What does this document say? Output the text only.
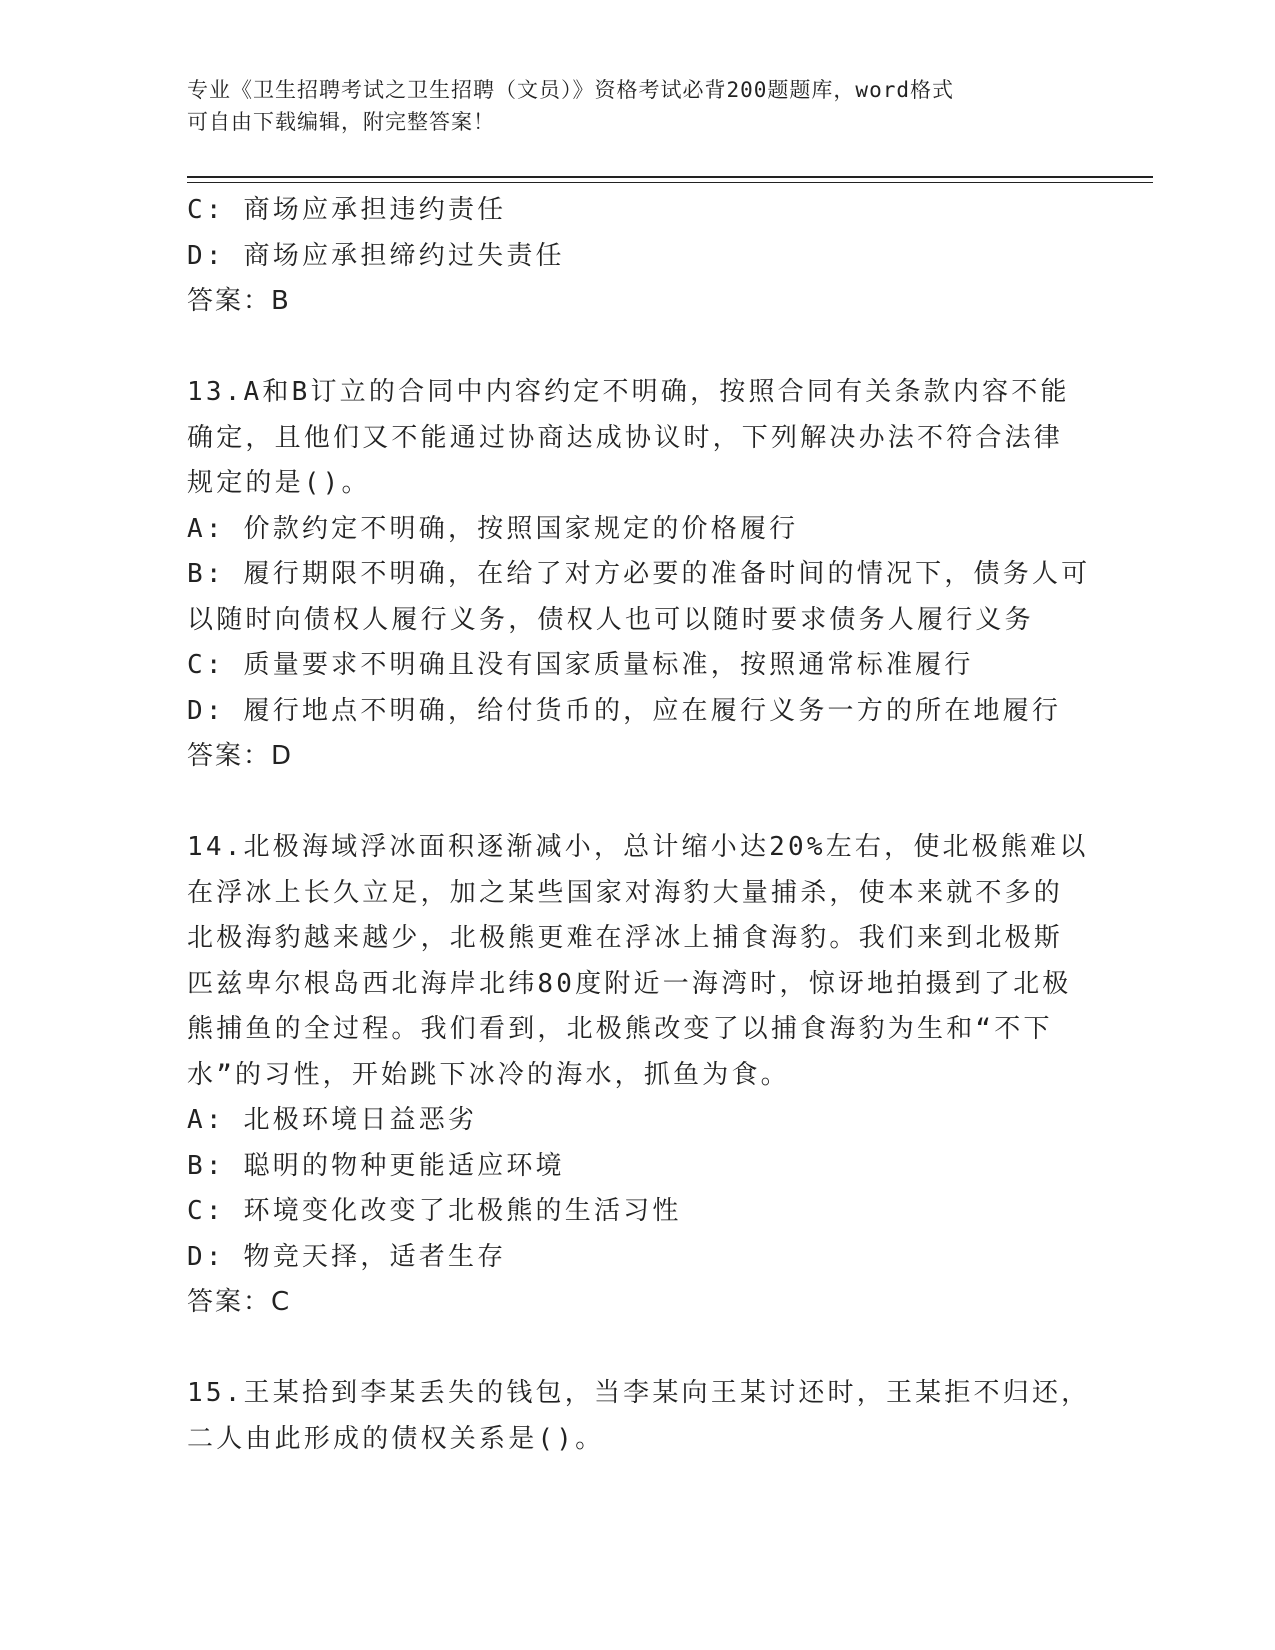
专业《卫生招聘考试之卫生招聘（文员）》资格考试必背200题题库，word格式
可自由下载编辑，附完整答案！
C: 商场应承担违约责任
D: 商场应承担缔约过失责任
答案：B
13.A和B订立的合同中内容约定不明确，按照合同有关条款内容不能
确定，且他们又不能通过协商达成协议时，下列解决办法不符合法律
规定的是()。
A: 价款约定不明确，按照国家规定的价格履行
B: 履行期限不明确，在给了对方必要的准备时间的情况下，债务人可
以随时向债权人履行义务，债权人也可以随时要求债务人履行义务
C: 质量要求不明确且没有国家质量标准，按照通常标准履行
D: 履行地点不明确，给付货币的，应在履行义务一方的所在地履行
答案：D
14.北极海域浮冰面积逐渐减小，总计缩小达20%左右，使北极熊难以
在浮冰上长久立足，加之某些国家对海豹大量捕杀，使本来就不多的
北极海豹越来越少，北极熊更难在浮冰上捕食海豹。我们来到北极斯
匹兹卑尔根岛西北海岸北纬80度附近一海湾时，惊讶地拍摄到了北极
熊捕鱼的全过程。我们看到，北极熊改变了以捕食海豹为生和“不下
水”的习性，开始跳下冰冷的海水，抓鱼为食。
A: 北极环境日益恶劣
B: 聪明的物种更能适应环境
C: 环境变化改变了北极熊的生活习性
D: 物竞天择，适者生存
答案：C
15.王某拾到李某丢失的钱包，当李某向王某讨还时，王某拒不归还，
二人由此形成的债权关系是()。
